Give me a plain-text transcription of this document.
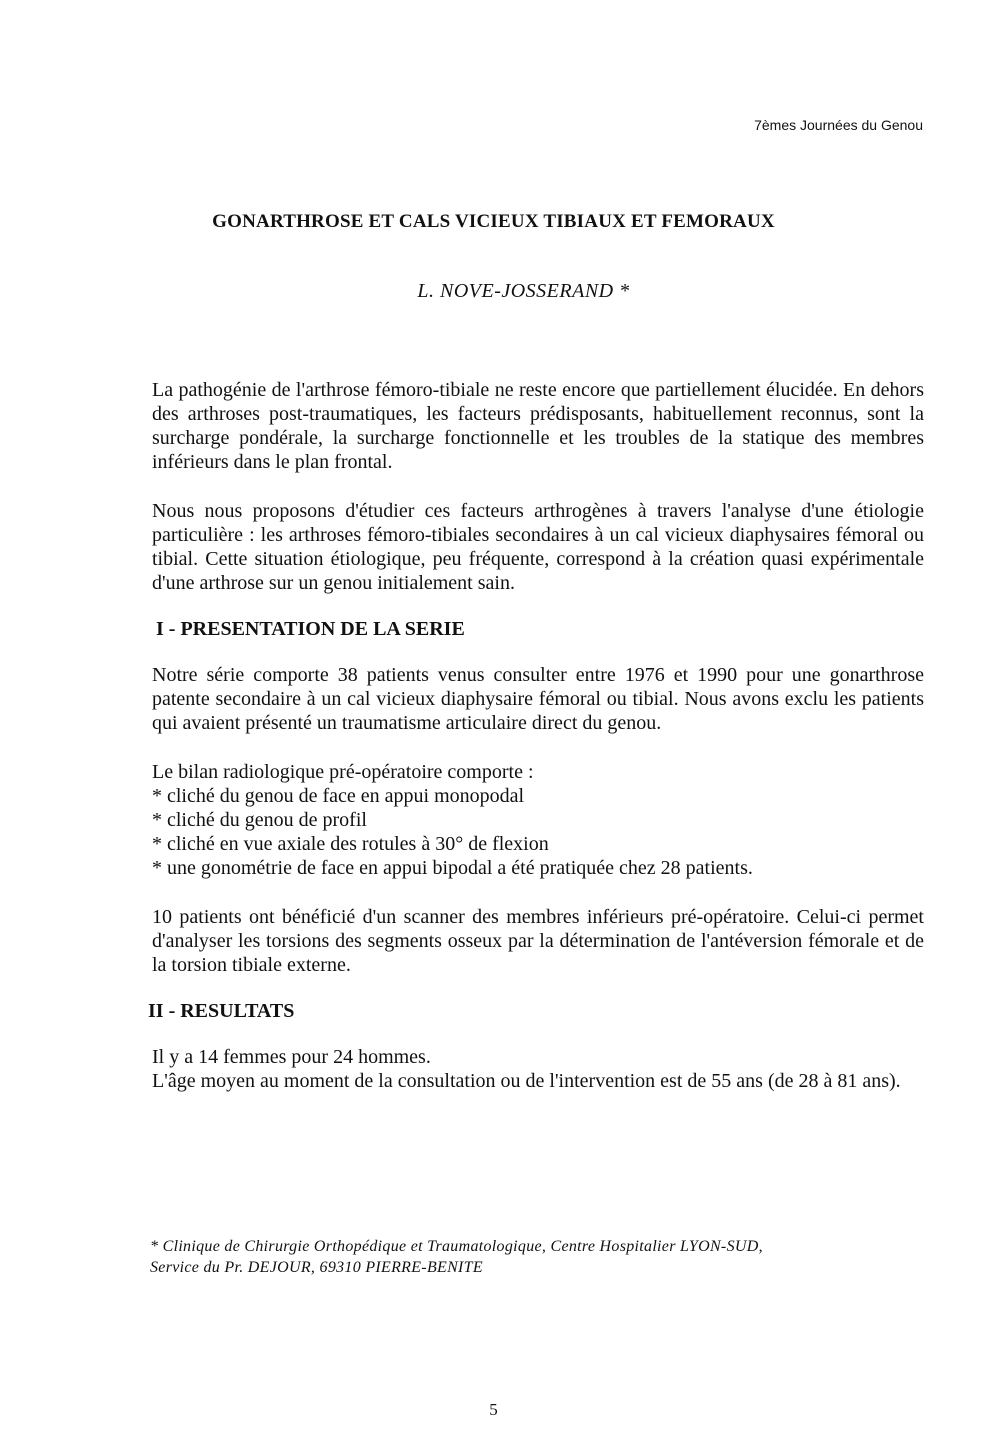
7èmes Journées du Genou
GONARTHROSE ET CALS VICIEUX TIBIAUX ET FEMORAUX
L. NOVE-JOSSERAND *

La pathogénie de l'arthrose fémoro-tibiale ne reste encore que partiellement élucidée. En dehors des arthroses post-traumatiques, les facteurs prédisposants, habituellement reconnus, sont la surcharge pondérale, la surcharge fonctionnelle et les troubles de la statique des membres inférieurs dans le plan frontal.

Nous nous proposons d'étudier ces facteurs arthrogènes à travers l'analyse d'une étiologie particulière : les arthroses fémoro-tibiales secondaires à un cal vicieux diaphysaires fémoral ou tibial. Cette situation étiologique, peu fréquente, correspond à la création quasi expérimentale d'une arthrose sur un genou initialement sain.

I - PRESENTATION DE LA SERIE

Notre série comporte 38 patients venus consulter entre 1976 et 1990 pour une gonarthrose patente secondaire à un cal vicieux diaphysaire fémoral ou tibial. Nous avons exclu les patients qui avaient présenté un traumatisme articulaire direct du genou.

Le bilan radiologique pré-opératoire comporte :

* cliché du genou de face en appui monopodal
* cliché du genou de profil
* cliché en vue axiale des rotules à 30° de flexion
* une gonométrie de face en appui bipodal a été pratiquée chez 28 patients.

10 patients ont bénéficié d'un scanner des membres inférieurs pré-opératoire. Celui-ci permet d'analyser les torsions des segments osseux par la détermination de l'antéversion fémorale et de la torsion tibiale externe.

II - RESULTATS

Il y a 14 femmes pour 24 hommes.

L'âge moyen au moment de la consultation ou de l'intervention est de 55 ans (de 28 à 81 ans).

* Clinique de Chirurgie Orthopédique et Traumatologique, Centre Hospitalier LYON-SUD,
Service du Pr. DEJOUR, 69310 PIERRE-BENITE
5
